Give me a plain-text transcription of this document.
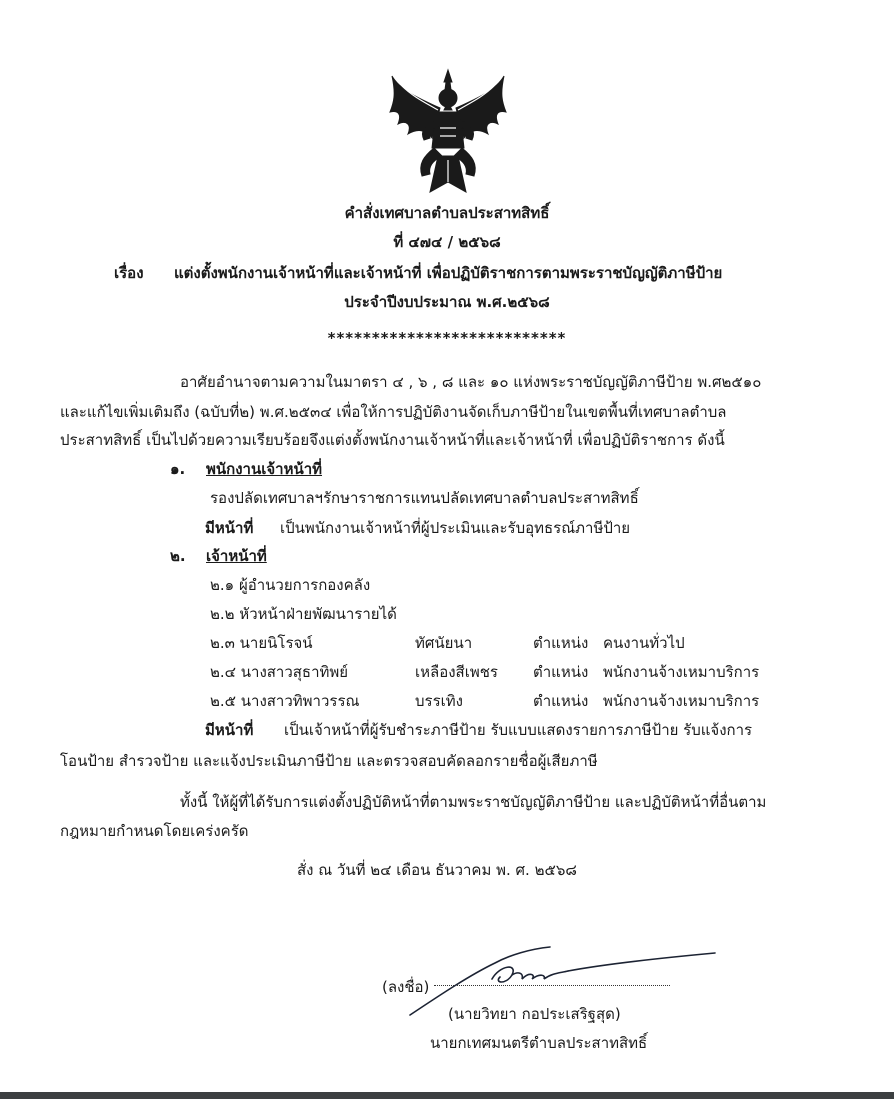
คำสั่งเทศบาลตำบลประสาทสิทธิ์
ที่ ๔๗๔ / ๒๕๖๘
เรื่อง แต่งตั้งพนักงานเจ้าหน้าที่และเจ้าหน้าที่ เพื่อปฏิบัติราชการตามพระราชบัญญัติภาษีป้าย
ประจำปีงบประมาณ พ.ศ.๒๕๖๘
***************************
อาศัยอำนาจตามความในมาตรา ๔ , ๖ , ๘ และ ๑๐ แห่งพระราชบัญญัติภาษีป้าย พ.ศ๒๕๑๐
และแก้ไขเพิ่มเติมถึง (ฉบับที่๒) พ.ศ.๒๕๓๔ เพื่อให้การปฏิบัติงานจัดเก็บภาษีป้ายในเขตพื้นที่เทศบาลตำบล
ประสาทสิทธิ์ เป็นไปด้วยความเรียบร้อยจึงแต่งตั้งพนักงานเจ้าหน้าที่และเจ้าหน้าที่ เพื่อปฏิบัติราชการ ดังนี้
๑. พนักงานเจ้าหน้าที่
รองปลัดเทศบาลฯรักษาราชการแทนปลัดเทศบาลตำบลประสาทสิทธิ์
มีหน้าที่ เป็นพนักงานเจ้าหน้าที่ผู้ประเมินและรับอุทธรณ์ภาษีป้าย
๒. เจ้าหน้าที่
๒.๑ ผู้อำนวยการกองคลัง
๒.๒ หัวหน้าฝ่ายพัฒนารายได้
๒.๓ นายนิโรจน์	ทัศนัยนา	ตำแหน่ง คนงานทั่วไป
๒.๔ นางสาวสุธาทิพย์	เหลืองสีเพชร ตำแหน่ง พนักงานจ้างเหมาบริการ
๒.๕ นางสาวทิพาวรรณ	บรรเทิง	ตำแหน่ง พนักงานจ้างเหมาบริการ
มีหน้าที่ เป็นเจ้าหน้าที่ผู้รับชำระภาษีป้าย รับแบบแสดงรายการภาษีป้าย รับแจ้งการ
โอนป้าย สำรวจป้าย และแจ้งประเมินภาษีป้าย และตรวจสอบคัดลอกรายชื่อผู้เสียภาษี
ทั้งนี้ ให้ผู้ที่ได้รับการแต่งตั้งปฏิบัติหน้าที่ตามพระราชบัญญัติภาษีป้าย และปฏิบัติหน้าที่อื่นตาม
กฎหมายกำหนดโดยเคร่งครัด
สั่ง ณ วันที่ ๒๔ เดือน ธันวาคม พ. ศ. ๒๕๖๘
(ลงชื่อ)
(นายวิทยา กอประเสริฐสุด)
นายกเทศมนตรีตำบลประสาทสิทธิ์
